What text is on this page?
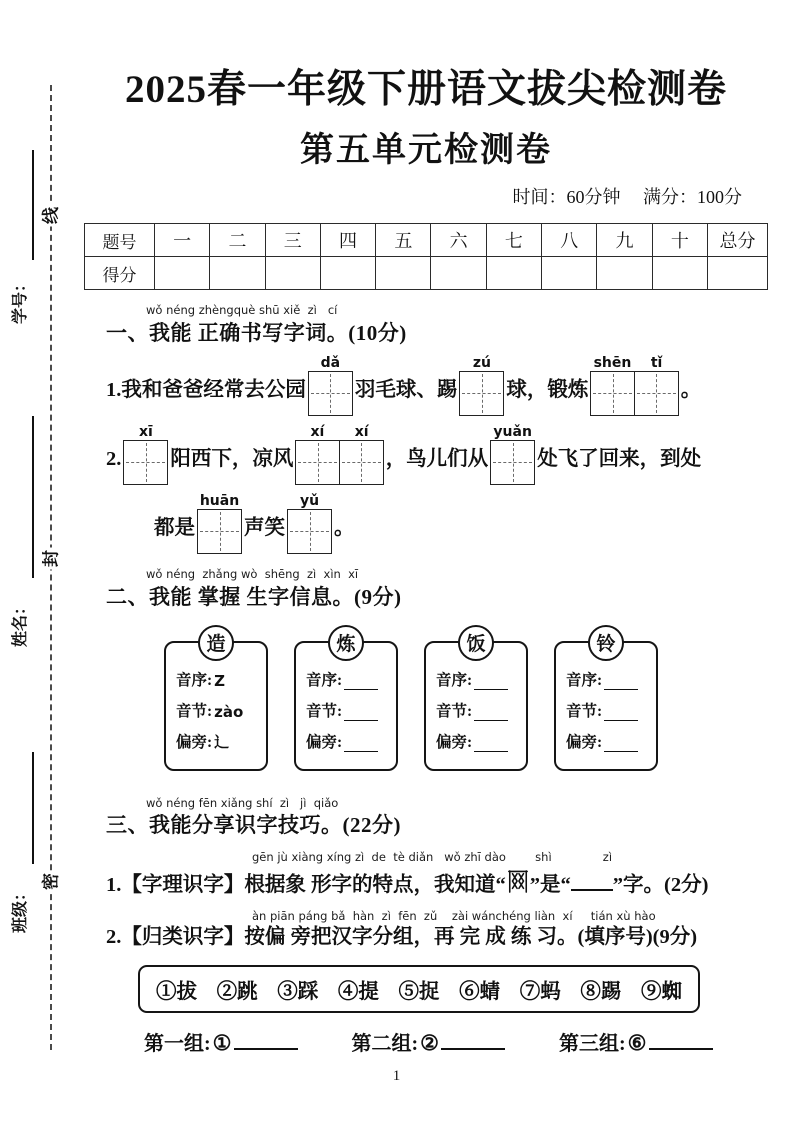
线
封
密
学号：
姓名：
班级：
2025春一年级下册语文拔尖检测卷
第五单元检测卷
时间：60分钟 满分：100分
题号	一	二	三	四	五	六	七	八	九	十	总分
得分											
wǒ néng zhèngquè shū xiě  zì   cí
一、我能 正确书写字词。(10分)
1. 我和爸爸经常去公园
dǎ
羽毛球、踢
zú
球，锻炼
shēn	tǐ
。
2.
xī
阳西下，凉风
xí	xí
，鸟儿们从
yuǎn
处飞了回来，到处
都是
huān
声笑
yǔ
。
wǒ néng  zhǎng wò  shēng  zì  xìn  xī
二、我能 掌握 生字信息。(9分)
造
音序: Z
音节: zào
偏旁: 辶
炼
音序:
音节:
偏旁:
饭
音序:
音节:
偏旁:
铃
音序:
音节:
偏旁:
wǒ néng fēn xiǎng shí  zì   jì  qiǎo
三、我能分享识字技巧。(22分)
gēn jù xiàng xíng zì  de  tè diǎn   wǒ zhī dào        shì              zì
1. 【字理识字】 根据象 形字的特点，我知道“ ”是“ ”字。(2分)
àn piān páng bǎ  hàn  zì  fēn  zǔ    zài wánchéng liàn  xí     tián xù hào
2. 【归类识字】 按偏 旁把汉字分组，再 完 成 练 习。(填序号)(9分)
①拔 ②跳 ③踩 ④提 ⑤捉 ⑥蜻 ⑦蚂 ⑧踢 ⑨蜘
第一组: ①	第二组: ②	第三组: ⑥
1
